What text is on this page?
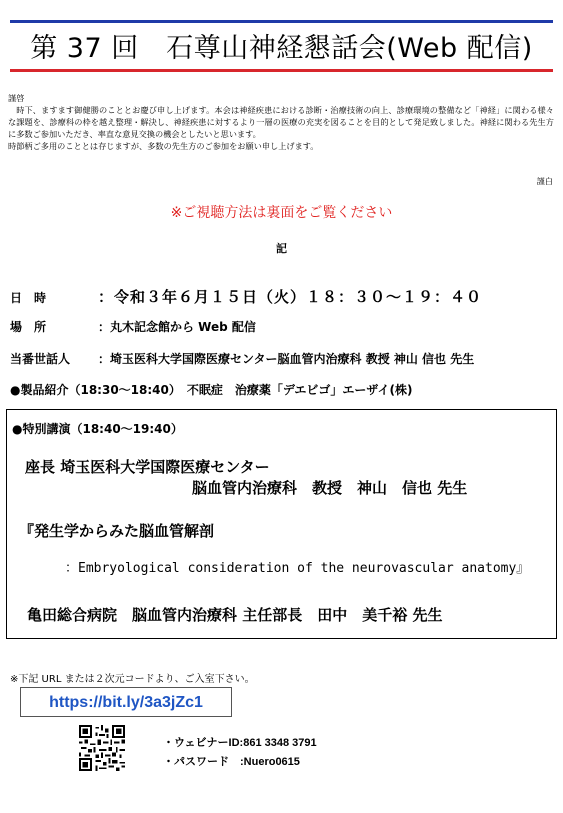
第 37 回　石尊山神経懇話会(Web 配信)
謹啓
時下、ますます御健勝のこととお慶び申し上げます。本会は神経疾患における診断・治療技術の向上、診療環境の整備など「神経」に関わる様々な課題を、診療科の枠を越え整理・解決し、神経疾患に対するより一層の医療の充実を図ることを目的として発足致しました。神経に関わる先生方に多数ご参加いただき、率直な意見交換の機会としたいと思います。
時節柄ご多用のこととは存じますが、多数の先生方のご参加をお願い申し上げます。
謹白
※ご視聴方法は裏面をご覧ください
記
日　時	：令和３年６月１５日（火）１８：３０～１９：４０
場　所	：丸木記念館から Web 配信
当番世話人 ：埼玉医科大学国際医療センター脳血管内治療科 教授 神山 信也 先生
●製品紹介（18:30～18:40）　不眠症　治療薬「デエビゴ」エーザイ(株)
●特別講演（18:40～19:40）
座長 埼玉医科大学国際医療センター
脳血管内治療科　教授　神山　信也 先生
『発生学からみた脳血管解剖
：Embryological consideration of the neurovascular anatomy』
亀田総合病院　脳血管内治療科 主任部長　田中　美千裕 先生
※下記 URL または２次元コードより、ご入室下さい。
https://bit.ly/3a3jZc1
・ウェビナーID:861 3348 3791
・パスワード　:Nuero0615
